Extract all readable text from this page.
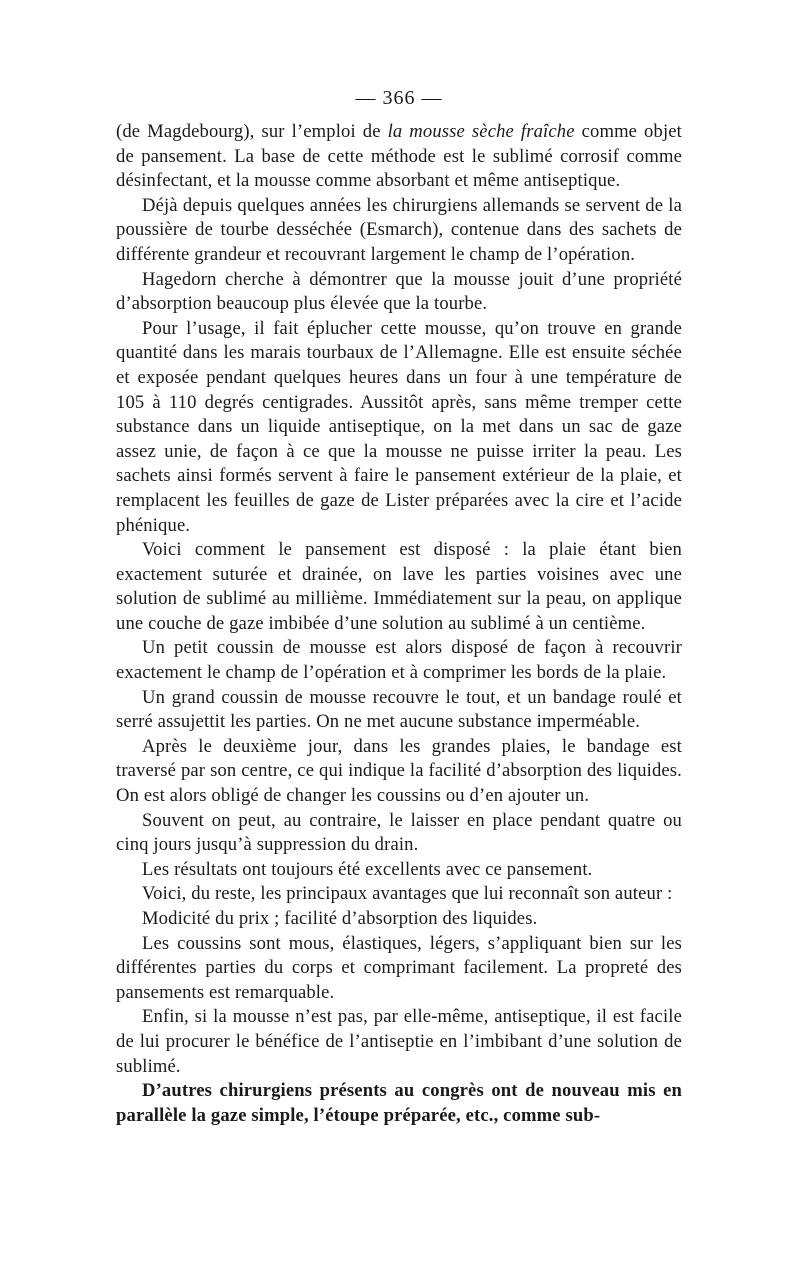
— 366 —

(de Magdebourg), sur l’emploi de la mousse sèche fraîche comme objet de pansement. La base de cette méthode est le sublimé corrosif comme désinfectant, et la mousse comme absorbant et même antiseptique.

Déjà depuis quelques années les chirurgiens allemands se servent de la poussière de tourbe desséchée (Esmarch), contenue dans des sachets de différente grandeur et recouvrant largement le champ de l’opération.

Hagedorn cherche à démontrer que la mousse jouit d’une propriété d’absorption beaucoup plus élevée que la tourbe.

Pour l’usage, il fait éplucher cette mousse, qu’on trouve en grande quantité dans les marais tourbaux de l’Allemagne. Elle est ensuite séchée et exposée pendant quelques heures dans un four à une température de 105 à 110 degrés centigrades. Aussitôt après, sans même tremper cette substance dans un liquide antiseptique, on la met dans un sac de gaze assez unie, de façon à ce que la mousse ne puisse irriter la peau. Les sachets ainsi formés servent à faire le pansement extérieur de la plaie, et remplacent les feuilles de gaze de Lister préparées avec la cire et l’acide phénique.

Voici comment le pansement est disposé : la plaie étant bien exactement suturée et drainée, on lave les parties voisines avec une solution de sublimé au millième. Immédiatement sur la peau, on applique une couche de gaze imbibée d’une solution au sublimé à un centième.

Un petit coussin de mousse est alors disposé de façon à recouvrir exactement le champ de l’opération et à comprimer les bords de la plaie.

Un grand coussin de mousse recouvre le tout, et un bandage roulé et serré assujettit les parties. On ne met aucune substance imperméable.

Après le deuxième jour, dans les grandes plaies, le bandage est traversé par son centre, ce qui indique la facilité d’absorption des liquides. On est alors obligé de changer les coussins ou d’en ajouter un.

Souvent on peut, au contraire, le laisser en place pendant quatre ou cinq jours jusqu’à suppression du drain.

Les résultats ont toujours été excellents avec ce pansement.

Voici, du reste, les principaux avantages que lui reconnaît son auteur :

Modicité du prix ; facilité d’absorption des liquides.

Les coussins sont mous, élastiques, légers, s’appliquant bien sur les différentes parties du corps et comprimant facilement. La propreté des pansements est remarquable.

Enfin, si la mousse n’est pas, par elle-même, antiseptique, il est facile de lui procurer le bénéfice de l’antiseptie en l’imbibant d’une solution de sublimé.

D’autres chirurgiens présents au congrès ont de nouveau mis en parallèle la gaze simple, l’étoupe préparée, etc., comme sub-
